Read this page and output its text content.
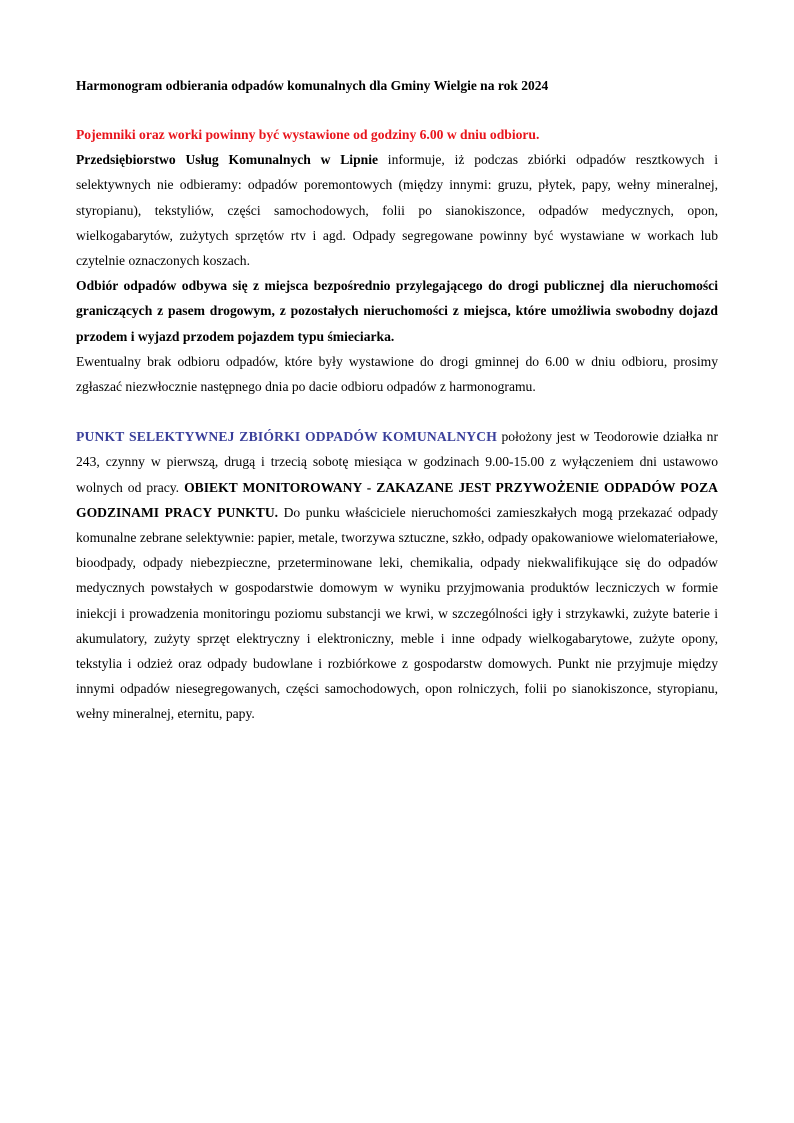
Harmonogram odbierania odpadów komunalnych dla Gminy Wielgie na rok 2024

Pojemniki oraz worki powinny być wystawione od godziny 6.00 w dniu odbioru.

Przedsiębiorstwo Usług Komunalnych w Lipnie informuje, iż podczas zbiórki odpadów resztkowych i selektywnych nie odbieramy: odpadów poremontowych (między innymi: gruzu, płytek, papy, wełny mineralnej, styropianu), tekstyliów, części samochodowych, folii po sianokiszonce, odpadów medycznych, opon, wielkogabarytów, zużytych sprzętów rtv i agd. Odpady segregowane powinny być wystawiane w workach lub czytelnie oznaczonych koszach.

Odbiór odpadów odbywa się z miejsca bezpośrednio przylegającego do drogi publicznej dla nieruchomości graniczących z pasem drogowym, z pozostałych nieruchomości z miejsca, które umożliwia swobodny dojazd przodem i wyjazd przodem pojazdem typu śmieciarka.

Ewentualny brak odbioru odpadów, które były wystawione do drogi gminnej do 6.00 w dniu odbioru, prosimy zgłaszać niezwłocznie następnego dnia po dacie odbioru odpadów z harmonogramu.

PUNKT SELEKTYWNEJ ZBIÓRKI ODPADÓW KOMUNALNYCH położony jest w Teodorowie działka nr 243, czynny w pierwszą, drugą i trzecią sobotę miesiąca w godzinach 9.00-15.00 z wyłączeniem dni ustawowo wolnych od pracy. OBIEKT MONITOROWANY - ZAKAZANE JEST PRZYWOŻENIE ODPADÓW POZA GODZINAMI PRACY PUNKTU. Do punku właściciele nieruchomości zamieszkałych mogą przekazać odpady komunalne zebrane selektywnie: papier, metale, tworzywa sztuczne, szkło, odpady opakowaniowe wielomateriałowe, bioodpady, odpady niebezpieczne, przeterminowane leki, chemikalia, odpady niekwalifikujące się do odpadów medycznych powstałych w gospodarstwie domowym w wyniku przyjmowania produktów leczniczych w formie iniekcji i prowadzenia monitoringu poziomu substancji we krwi, w szczególności igły i strzykawki, zużyte baterie i akumulatory, zużyty sprzęt elektryczny i elektroniczny, meble i inne odpady wielkogabarytowe, zużyte opony, tekstylia i odzież oraz odpady budowlane i rozbiórkowe z gospodarstw domowych. Punkt nie przyjmuje między innymi odpadów niesegregowanych, części samochodowych, opon rolniczych, folii po sianokiszonce, styropianu, wełny mineralnej, eternitu, papy.
